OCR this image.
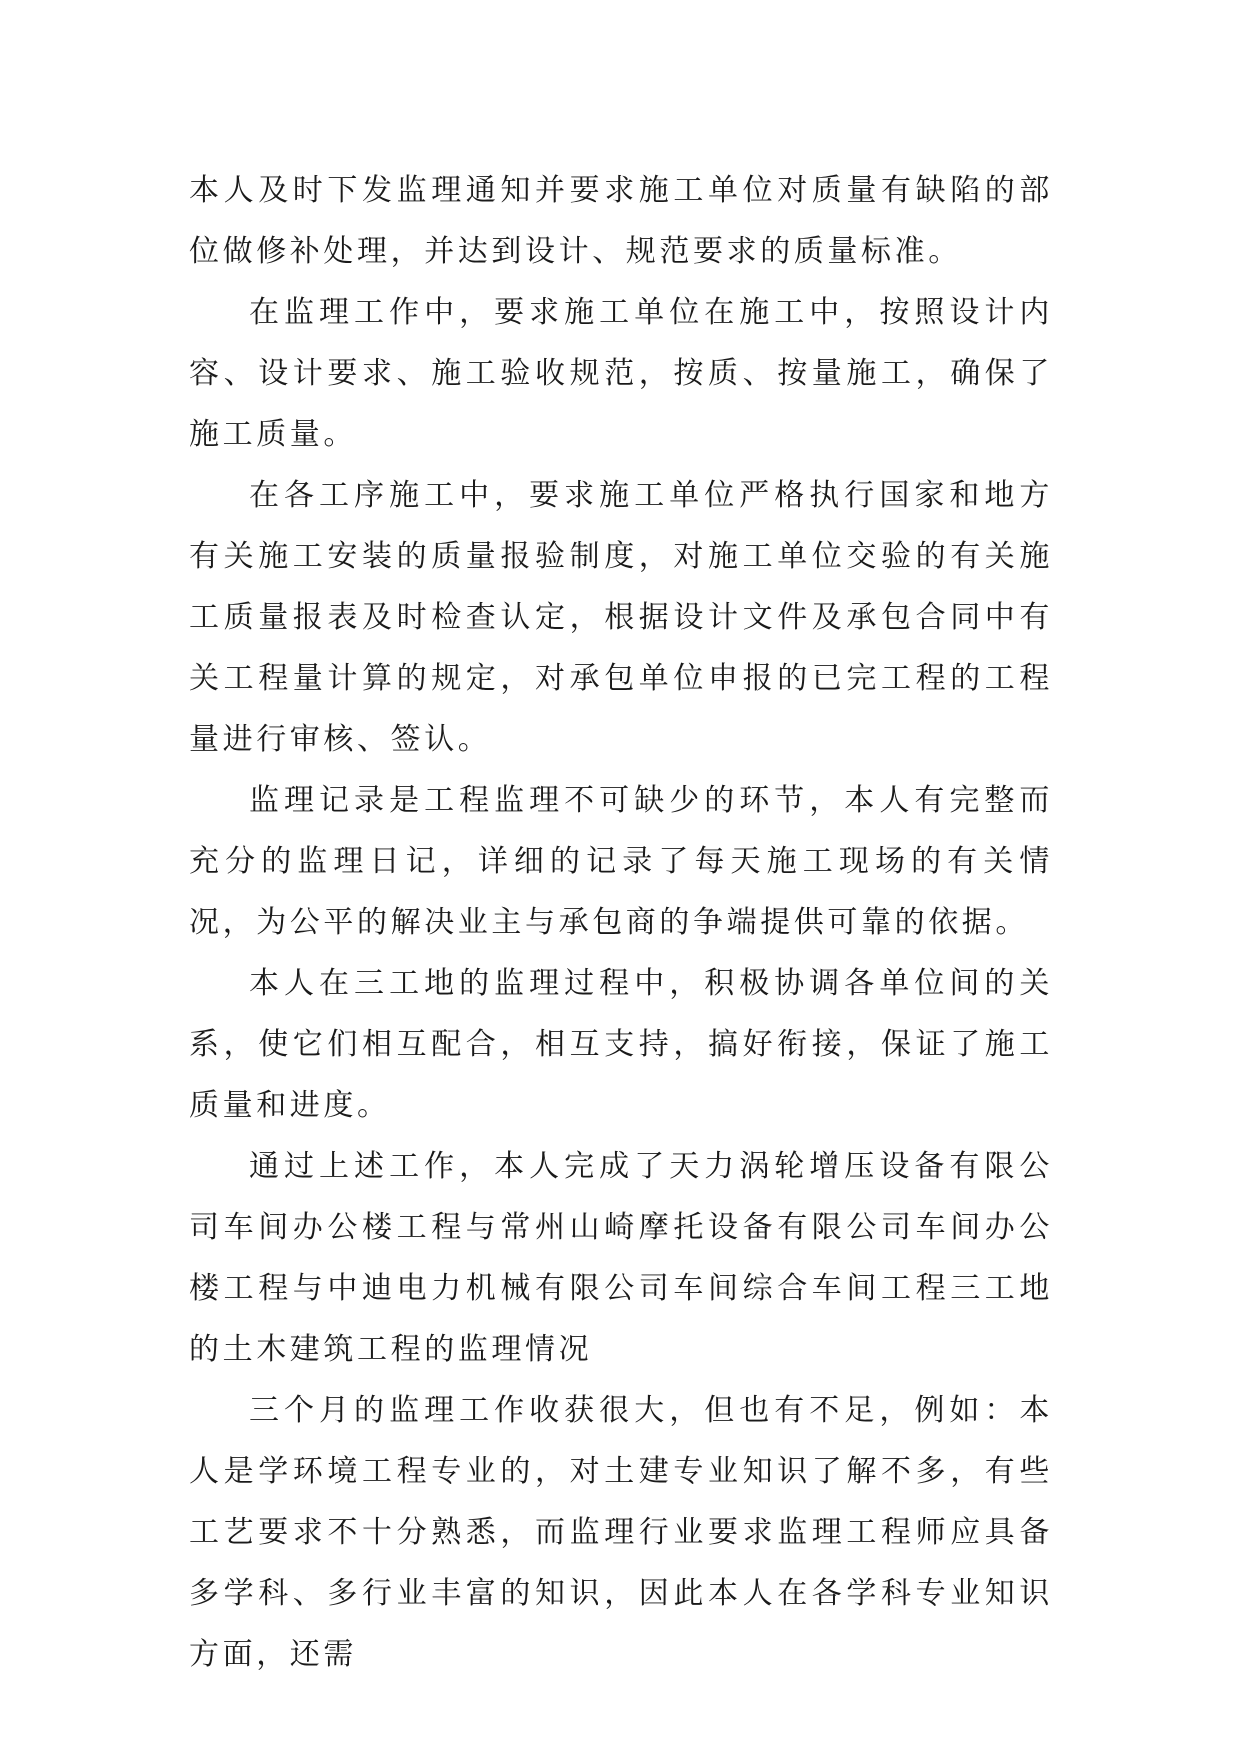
本人及时下发监理通知并要求施工单位对质量有缺陷的部位做修补处理，并达到设计、规范要求的质量标准。

在监理工作中，要求施工单位在施工中，按照设计内容、设计要求、施工验收规范，按质、按量施工，确保了施工质量。

在各工序施工中，要求施工单位严格执行国家和地方有关施工安装的质量报验制度，对施工单位交验的有关施工质量报表及时检查认定，根据设计文件及承包合同中有关工程量计算的规定，对承包单位申报的已完工程的工程量进行审核、签认。

监理记录是工程监理不可缺少的环节，本人有完整而充分的监理日记，详细的记录了每天施工现场的有关情况，为公平的解决业主与承包商的争端提供可靠的依据。

本人在三工地的监理过程中，积极协调各单位间的关系，使它们相互配合，相互支持，搞好衔接，保证了施工质量和进度。

通过上述工作，本人完成了天力涡轮增压设备有限公司车间办公楼工程与常州山崎摩托设备有限公司车间办公楼工程与中迪电力机械有限公司车间综合车间工程三工地的土木建筑工程的监理情况

三个月的监理工作收获很大，但也有不足，例如：本人是学环境工程专业的，对土建专业知识了解不多，有些工艺要求不十分熟悉，而监理行业要求监理工程师应具备多学科、多行业丰富的知识，因此本人在各学科专业知识方面，还需
